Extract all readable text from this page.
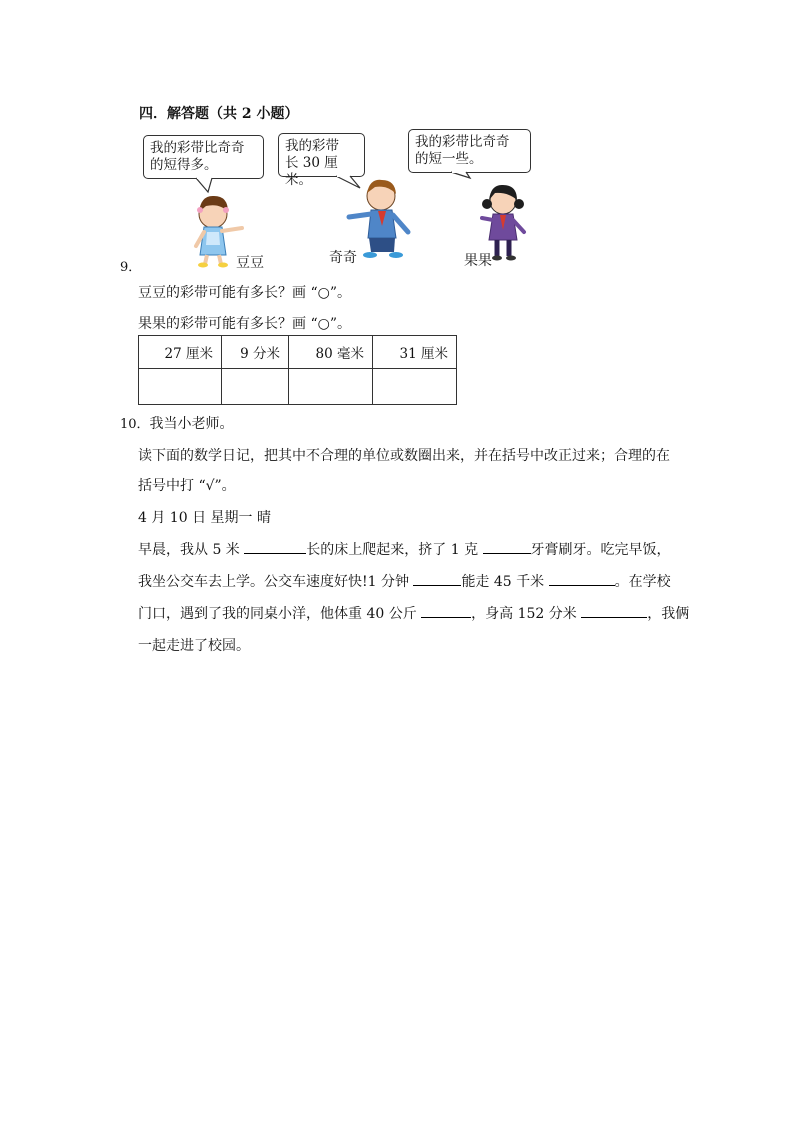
四．解答题（共 2 小题）
我的彩带比奇奇
的短得多。
我的彩带
长 30 厘米。
我的彩带比奇奇
的短一些。
9．	豆豆	奇奇	果果
豆豆的彩带可能有多长？画 “○”。
果果的彩带可能有多长？画 “○”。
27 厘米	9 分米	80 毫米	31 厘米

10．我当小老师。
读下面的数学日记，把其中不合理的单位或数圈出来，并在括号中改正过来；合理的在
括号中打 “√”。
4 月 10 日 星期一 晴
早晨，我从 5 米	长的床上爬起来，挤了 1 克	牙膏刷牙。吃完早饭，
我坐公交车去上学。公交车速度好快!1 分钟	能走 45 千米	。在学校
门口，遇到了我的同桌小洋，他体重 40 公斤	，身高 152 分米	，我俩
一起走进了校园。
